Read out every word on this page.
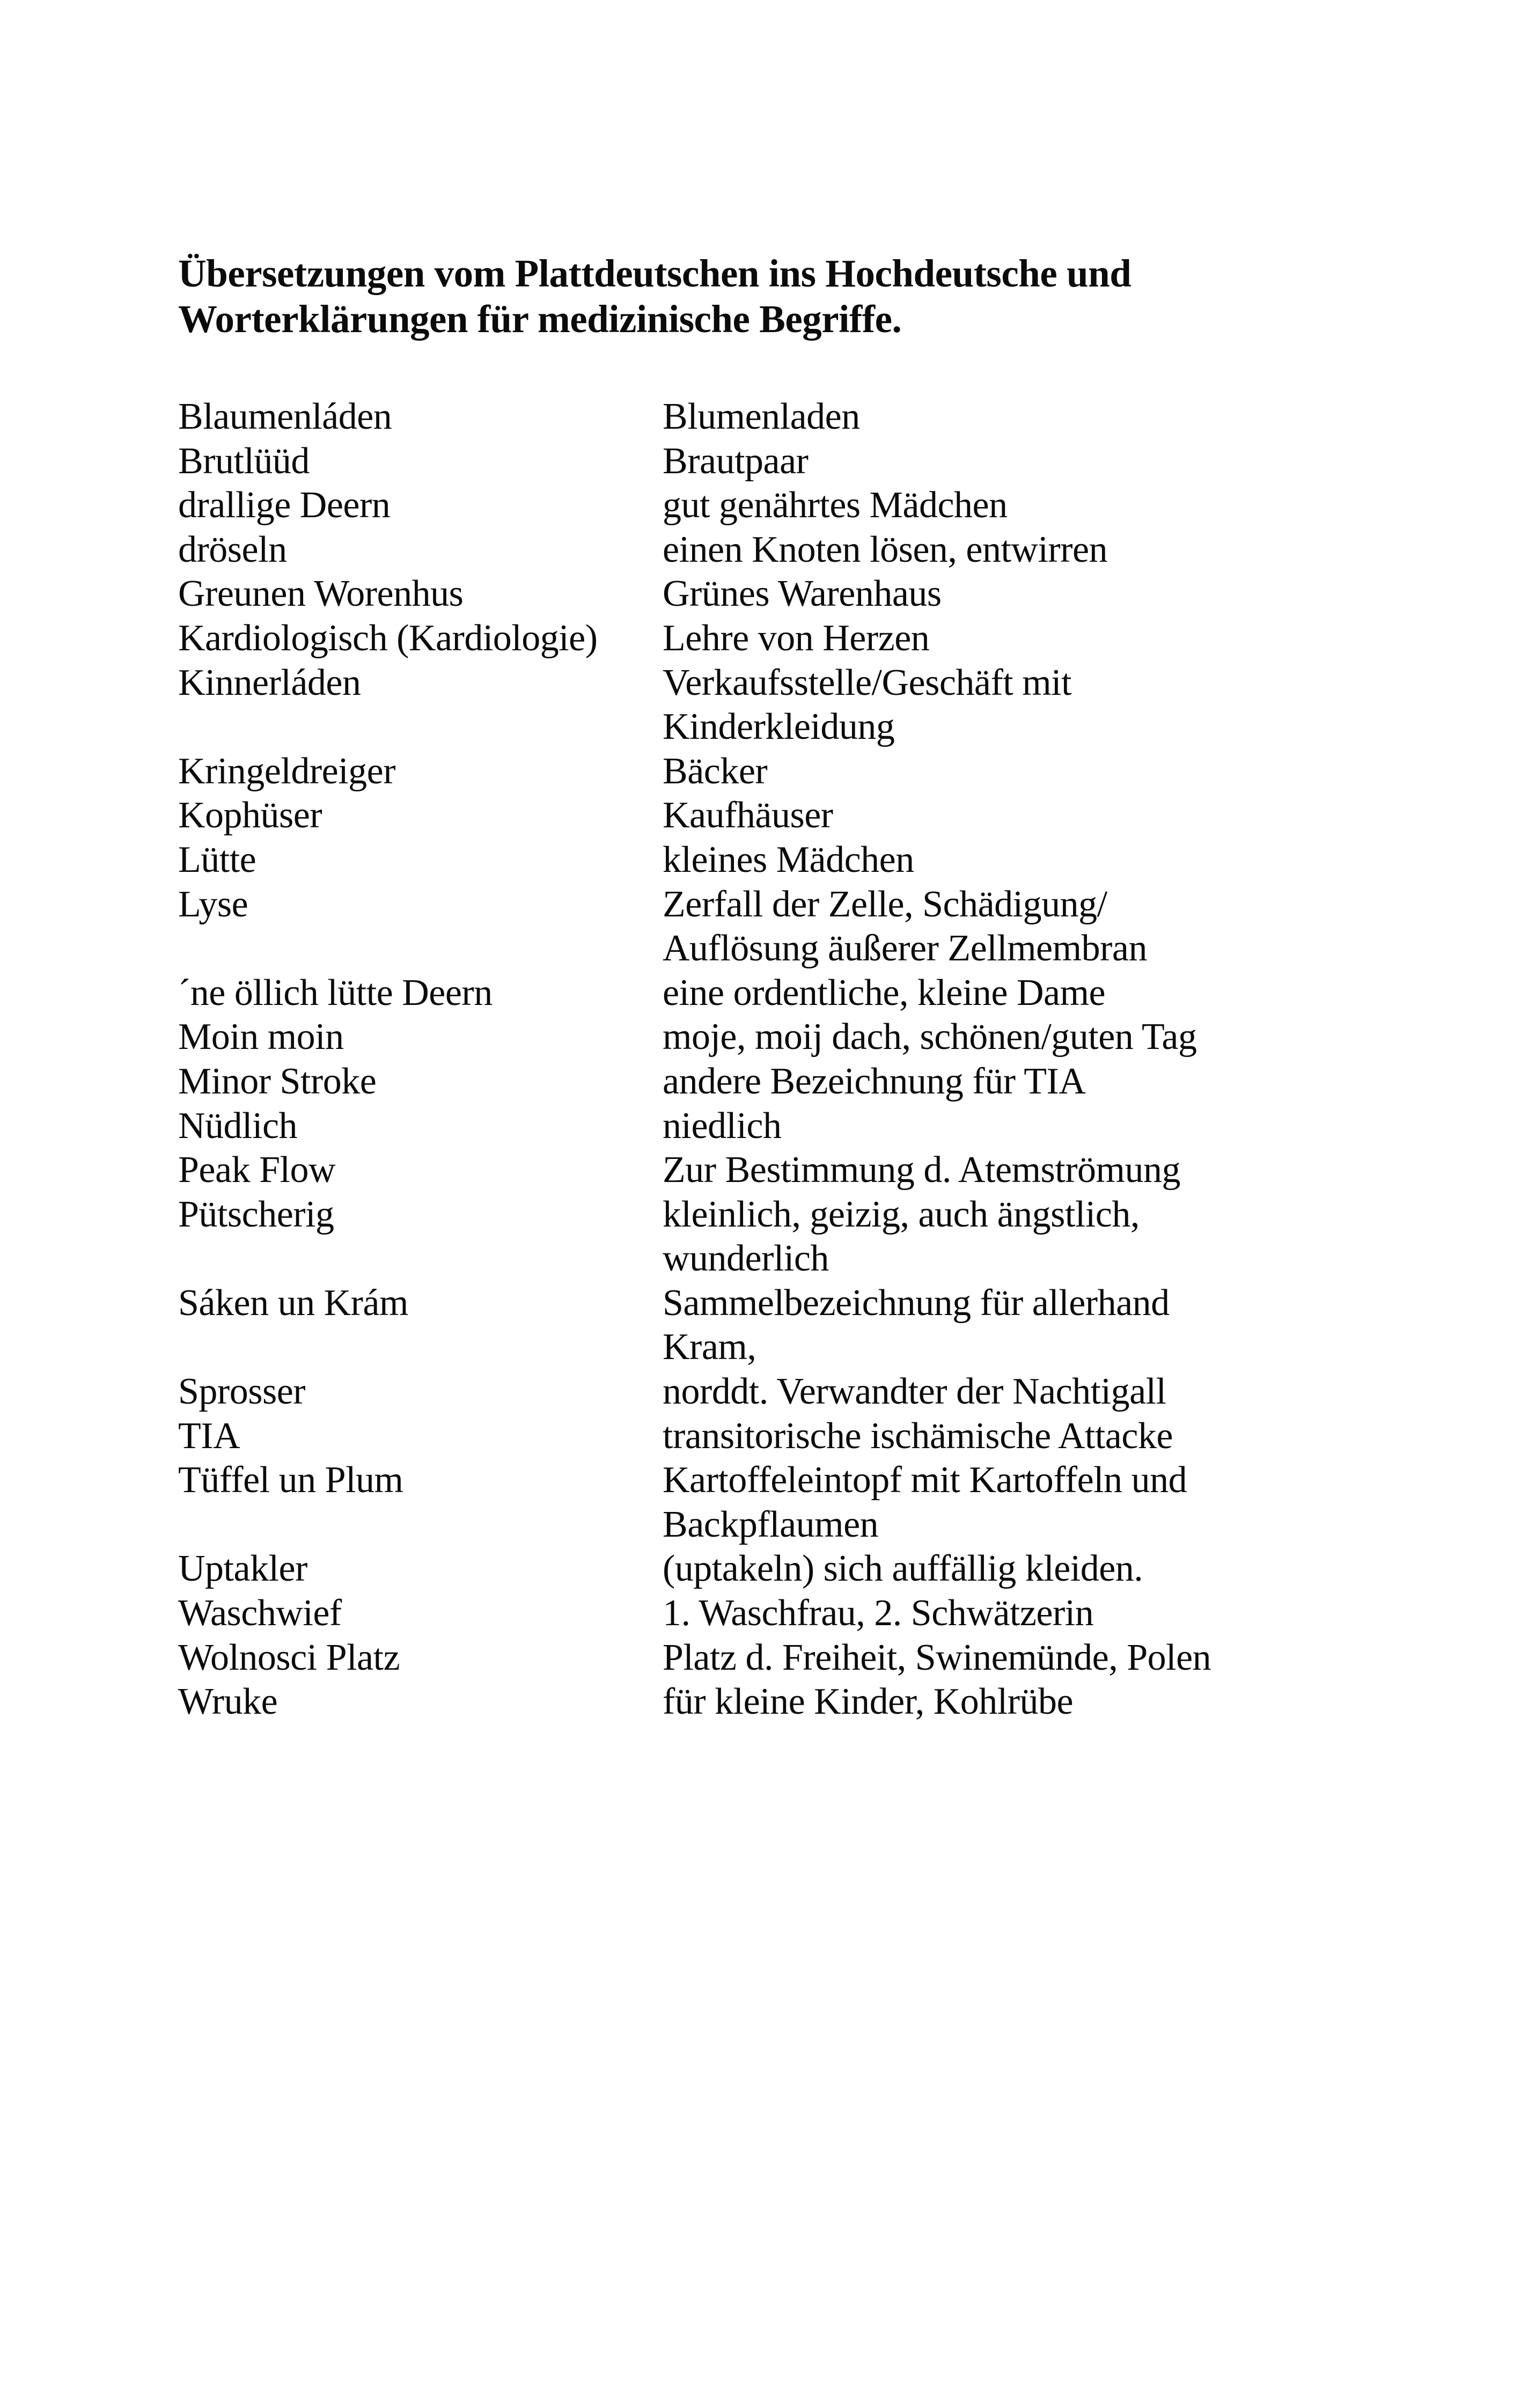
Übersetzungen vom Plattdeutschen ins Hochdeutsche und
Worterklärungen für medizinische Begriffe.
Blaumenláden	Blumenladen
Brutlüüd	Brautpaar
drallige Deern	gut genährtes Mädchen
dröseln	einen Knoten lösen, entwirren
Greunen Worenhus	Grünes Warenhaus
Kardiologisch (Kardiologie)	Lehre von Herzen
Kinnerláden	Verkaufsstelle/Geschäft mit
Kinderkleidung
Kringeldreiger	Bäcker
Kophüser	Kaufhäuser
Lütte	kleines Mädchen
Lyse	Zerfall der Zelle, Schädigung/
Auflösung äußerer Zellmembran
´ne öllich lütte Deern	eine ordentliche, kleine Dame
Moin moin	moje, moij dach, schönen/guten Tag
Minor Stroke	andere Bezeichnung für TIA
Nüdlich	niedlich
Peak Flow	Zur Bestimmung d. Atemströmung
Pütscherig	kleinlich, geizig, auch ängstlich,
wunderlich
Sáken un Krám	Sammelbezeichnung für allerhand
Kram,
Sprosser	norddt. Verwandter der Nachtigall
TIA	transitorische ischämische Attacke
Tüffel un Plum	Kartoffeleintopf mit Kartoffeln und
Backpflaumen
Uptakler	(uptakeln) sich auffällig kleiden.
Waschwief	1. Waschfrau, 2. Schwätzerin
Wolnosci Platz	Platz d. Freiheit, Swinemünde, Polen
Wruke	für kleine Kinder, Kohlrübe
